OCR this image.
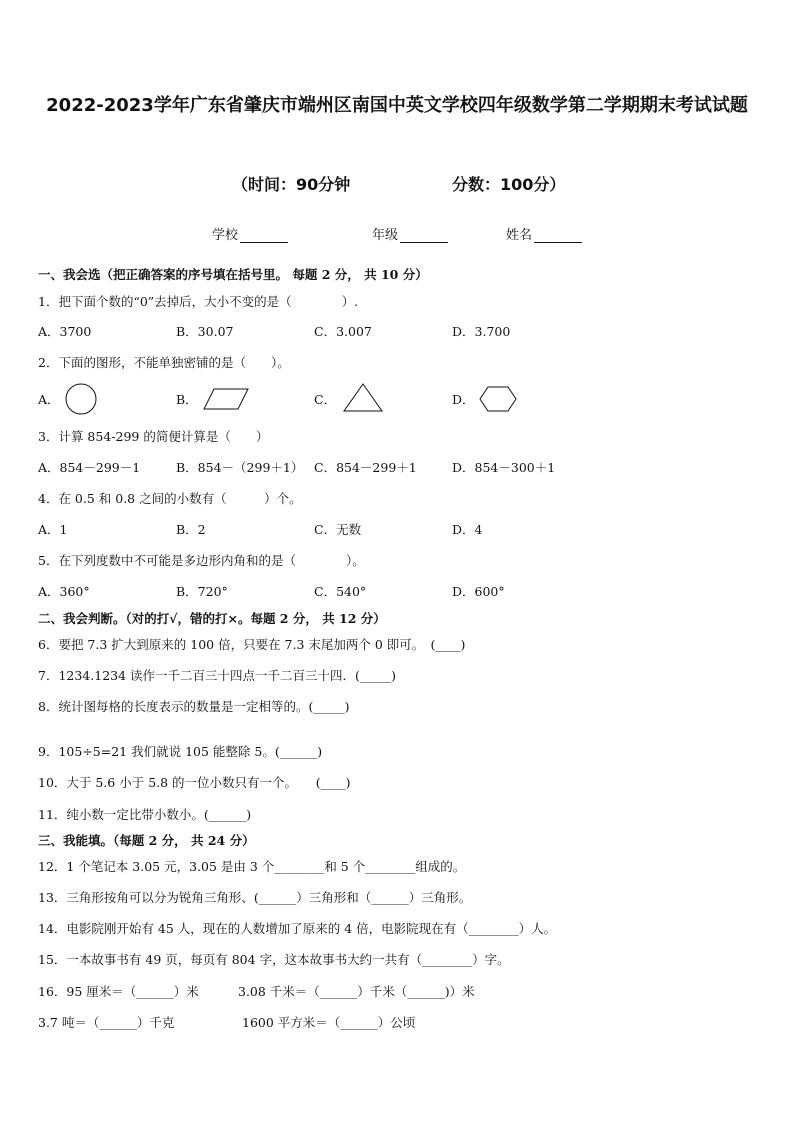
2022-2023学年广东省肇庆市端州区南国中英文学校四年级数学第二学期期末考试试题
（时间：90分钟	分数：100分）
学校	年级	姓名
一、我会选（把正确答案的序号填在括号里。 每题 2 分， 共 10 分）
1．把下面个数的“0”去掉后，大小不变的是（　　　　）.
A．3700	B．30.07	C．3.007	D．3.700
2．下面的图形，不能单独密铺的是（　　）。
A．	B．	C．	D．
3．计算 854-299 的简便计算是（　　）
A．854－299－1	B．854－（299＋1） C．854－299＋1	D．854－300＋1
4．在 0.5 和 0.8 之间的小数有（　　　）个。
A．1	B．2	C．无数	D．4
5．在下列度数中不可能是多边形内角和的是（　　　　）。
A．360°	B．720°	C．540°	D．600°
二、我会判断。（对的打√，错的打×。每题 2 分， 共 12 分）
6．要把 7.3 扩大到原来的 100 倍，只要在 7.3 末尾加两个 0 即可。　(____)
7．1234.1234 读作一千二百三十四点一千二百三十四．(_____)
8．统计图每格的长度表示的数量是一定相等的。(_____)
9．105÷5=21 我们就说 105 能整除 5。(______)
10．大于 5.6 小于 5.8 的一位小数只有一个。　　(____)
11．纯小数一定比带小数小。(______)
三、我能填。（每题 2 分， 共 24 分）
12．1 个笔记本 3.05 元，3.05 是由 3 个________和 5 个________组成的。
13．三角形按角可以分为锐角三角形、(______）三角形和（______）三角形。
14．电影院刚开始有 45 人，现在的人数增加了原来的 4 倍，电影院现在有（________）人。
15．一本故事书有 49 页，每页有 804 字，这本故事书大约一共有（________）字。
16．95 厘米＝（______）米	3.08 千米＝（______）千米（______)）米
3.7 吨＝（______）千克	1600 平方米＝（______）公顷
